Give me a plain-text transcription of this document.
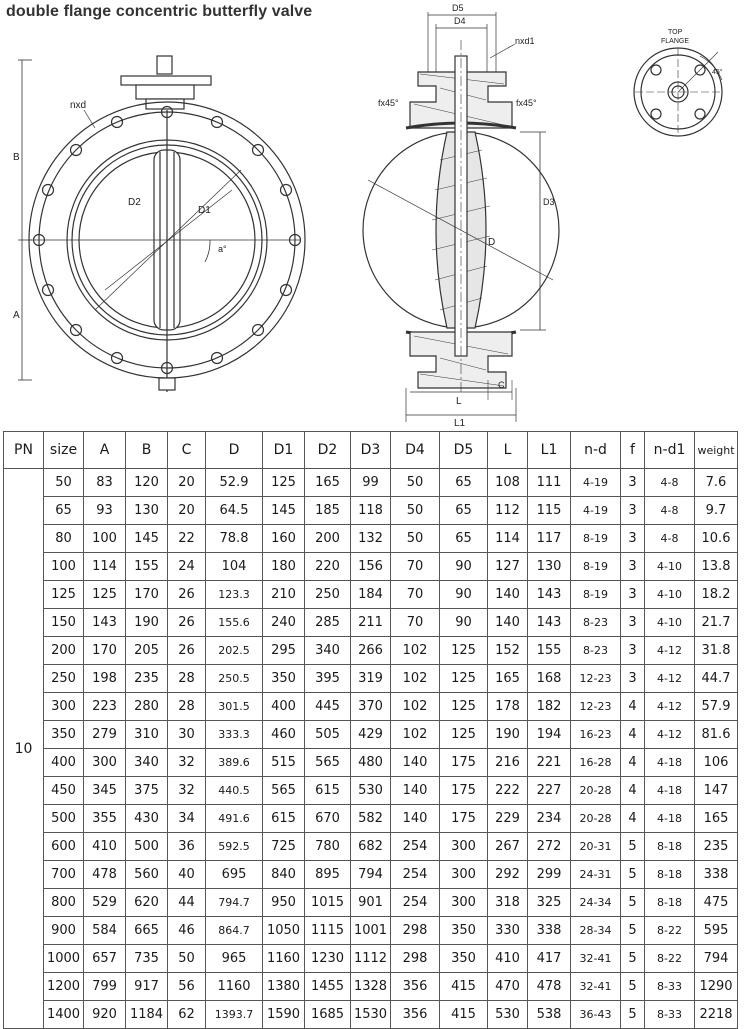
double flange concentric butterfly valve
nxd
B
A
D2
D1
a°
D5
D4
nxd1
fx45°	fx45°
D3
D
C
L
L1
TOP
FLANGE
45°
PN	size	A	B	C	D	D1	D2	D3	D4	D5	L	L1	n-d	f	n-d1	weight
10	50	83	120	20	52.9	125	165	99	50	65	108	111	4-19	3	4-8	7.6
	65	93	130	20	64.5	145	185	118	50	65	112	115	4-19	3	4-8	9.7
	80	100	145	22	78.8	160	200	132	50	65	114	117	8-19	3	4-8	10.6
	100	114	155	24	104	180	220	156	70	90	127	130	8-19	3	4-10	13.8
	125	125	170	26	123.3	210	250	184	70	90	140	143	8-19	3	4-10	18.2
	150	143	190	26	155.6	240	285	211	70	90	140	143	8-23	3	4-10	21.7
	200	170	205	26	202.5	295	340	266	102	125	152	155	8-23	3	4-12	31.8
	250	198	235	28	250.5	350	395	319	102	125	165	168	12-23	3	4-12	44.7
	300	223	280	28	301.5	400	445	370	102	125	178	182	12-23	4	4-12	57.9
	350	279	310	30	333.3	460	505	429	102	125	190	194	16-23	4	4-12	81.6
	400	300	340	32	389.6	515	565	480	140	175	216	221	16-28	4	4-18	106
	450	345	375	32	440.5	565	615	530	140	175	222	227	20-28	4	4-18	147
	500	355	430	34	491.6	615	670	582	140	175	229	234	20-28	4	4-18	165
	600	410	500	36	592.5	725	780	682	254	300	267	272	20-31	5	8-18	235
	700	478	560	40	695	840	895	794	254	300	292	299	24-31	5	8-18	338
	800	529	620	44	794.7	950	1015	901	254	300	318	325	24-34	5	8-18	475
	900	584	665	46	864.7	1050	1115	1001	298	350	330	338	28-34	5	8-22	595
	1000	657	735	50	965	1160	1230	1112	298	350	410	417	32-41	5	8-22	794
	1200	799	917	56	1160	1380	1455	1328	356	415	470	478	32-41	5	8-33	1290
	1400	920	1184	62	1393.7	1590	1685	1530	356	415	530	538	36-43	5	8-33	2218
